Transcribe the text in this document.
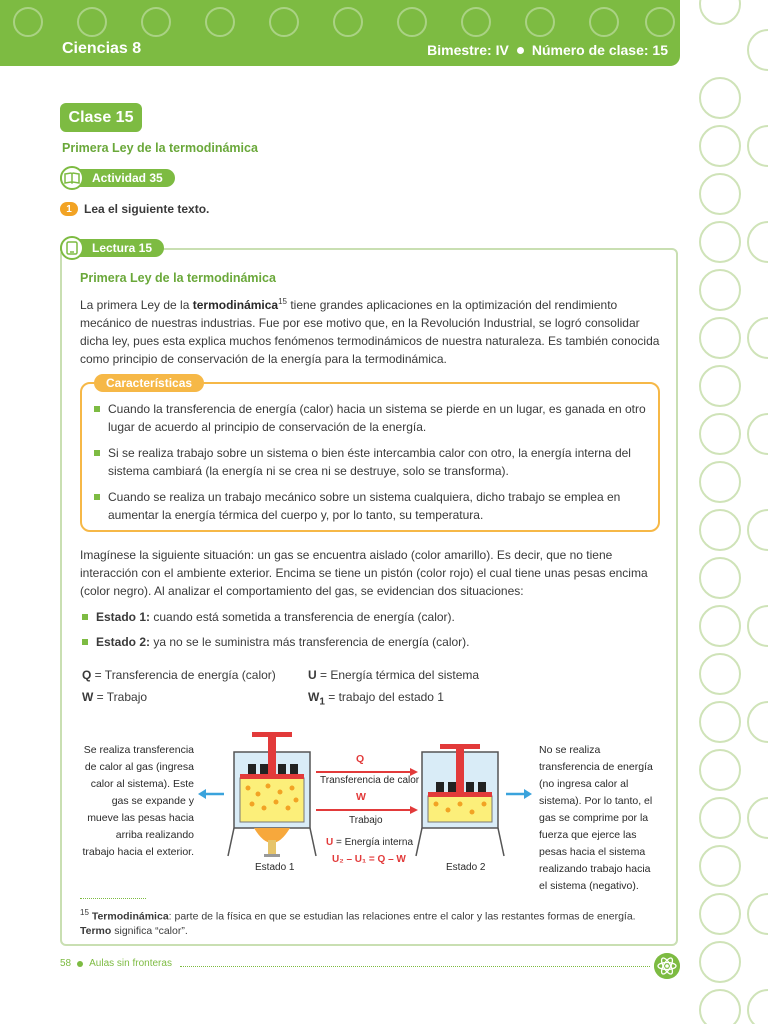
Ciencias 8	Bimestre: IV Número de clase: 15
Clase 15
Primera Ley de la termodinámica
Actividad 35
1	Lea el siguiente texto.
Lectura 15
Primera Ley de la termodinámica
La primera Ley de la termodinámica$^{15}$ tiene grandes aplicaciones en la optimización del rendimiento mecánico de nuestras industrias. Fue por ese motivo que, en la Revolución Industrial, se logró consolidar dicha ley, pues esta explica muchos fenómenos termodinámicos de nuestra naturaleza. Es también conocida como principio de conservación de la energía para la termodinámica.
Características
Cuando la transferencia de energía (calor) hacia un sistema se pierde en un lugar, es ganada en otro lugar de acuerdo al principio de conservación de la energía.
Si se realiza trabajo sobre un sistema o bien éste intercambia calor con otro, la energía interna del sistema cambiará (la energía ni se crea ni se destruye, solo se transforma).
Cuando se realiza un trabajo mecánico sobre un sistema cualquiera, dicho trabajo se emplea en aumentar la energía térmica del cuerpo y, por lo tanto, su temperatura.
Imagínese la siguiente situación: un gas se encuentra aislado (color amarillo). Es decir, que no tiene interacción con el ambiente exterior. Encima se tiene un pistón (color rojo) el cual tiene unas pesas encima (color negro). Al analizar el comportamiento del gas, se evidencian dos situaciones:
Estado 1: cuando está sometida a transferencia de energía (calor).
Estado 2: ya no se le suministra más transferencia de energía (calor).
Q = Transferencia de energía (calor)	U = Energía térmica del sistema
W = Trabajo	$W_1$ = trabajo del estado 1
Se realiza transferencia de calor al gas (ingresa calor al sistema). Este gas se expande y mueve las pesas hacia arriba realizando trabajo hacia el exterior.
No se realiza transferencia de energía (no ingresa calor al sistema). Por lo tanto, el gas se comprime por la fuerza que ejerce las pesas hacia el sistema realizando trabajo hacia el sistema (negativo).
Q
Transferencia de calor
W
Trabajo
U = Energía interna
U₂ – U₁ = Q – W
Estado 1	Estado 2
$^{15}$ Termodinámica: parte de la física en que se estudian las relaciones entre el calor y las restantes formas de energía. Termo significa “calor”.
58 Aulas sin fronteras
